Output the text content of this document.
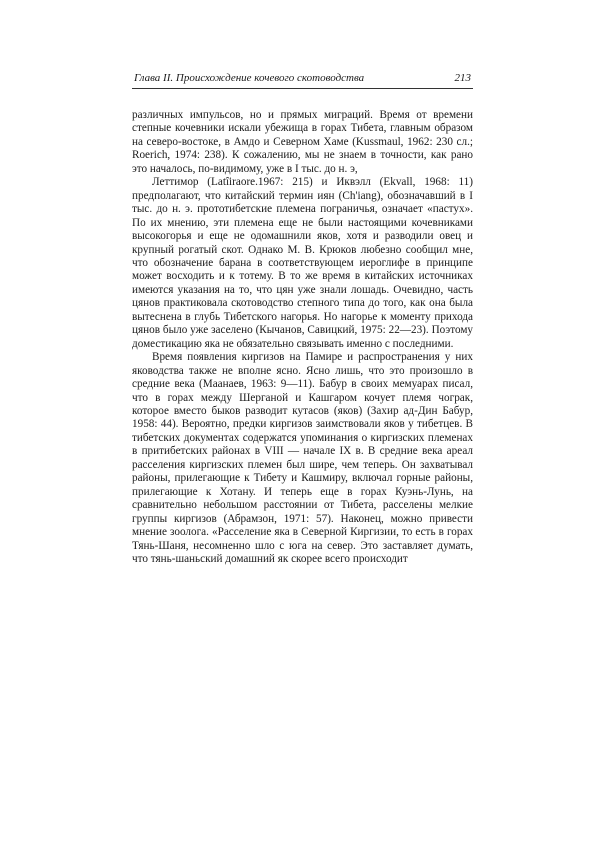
Глава II. Происхождение кочевого скотоводства	213

различных импульсов, но и прямых миграций. Время от времени степные кочевники искали убежища в горах Тибета, главным образом на северо-востоке, в Амдо и Северном Хаме (Kussmaul, 1962: 230 сл.; Roerich, 1974: 238). К сожалению, мы не знаем в точности, как рано это началось, по-видимому, уже в I тыс. до н. э,

Леттимор (Latîiraore.1967: 215) и Иквэлл (Ekvall, 1968: 11) предполагают, что китайский термин иян (Ch'iang), обозначавший в I тыс. до н. э. прототибетские племена пограничья, означает «пастух». По их мнению, эти племена еще не были настоящими кочевниками высокогорья и еще не одомашнили яков, хотя и разводили овец и крупный рогатый скот. Однако М. В. Крюков любезно сообщил мне, что обозначение барана в соответствующем иероглифе в принципе может восходить и к тотему. В то же время в китайских источниках имеются указания на то, что цян уже знали лошадь. Очевидно, часть цянов практиковала скотоводство степного типа до того, как она была вытеснена в глубь Тибетского нагорья. Но нагорье к моменту прихода цянов было уже заселено (Кычанов, Савицкий, 1975: 22—23). Поэтому доместикацию яка не обязательно связывать именно с последними.

Время появления киргизов на Памире и распространения у них яководства также не вполне ясно. Ясно лишь, что это произошло в средние века (Маанаев, 1963: 9—11). Бабур в своих мемуарах писал, что в горах между Шерганой и Кашгаром кочует племя чограк, которое вместо быков разводит кутасов (яков) (Захир ад-Дин Бабур, 1958: 44). Вероятно, предки киргизов заимствовали яков у тибетцев. В тибетских документах содержатся упоминания о киргизских племенах в притибетских районах в VIII — начале IX в. В средние века ареал расселения киргизских племен был шире, чем теперь. Он захватывал районы, прилегающие к Тибету и Кашмиру, включал горные районы, прилегающие к Хотану. И теперь еще в горах Куэнь-Лунь, на сравнительно небольшом расстоянии от Тибета, расселены мелкие группы киргизов (Абрамзон, 1971: 57). Наконец, можно привести мнение зоолога. «Расселение яка в Северной Киргизии, то есть в горах Тянь-Шаня, несомненно шло с юга на север. Это заставляет думать, что тянь-шаньский домашний як скорее всего происходит
